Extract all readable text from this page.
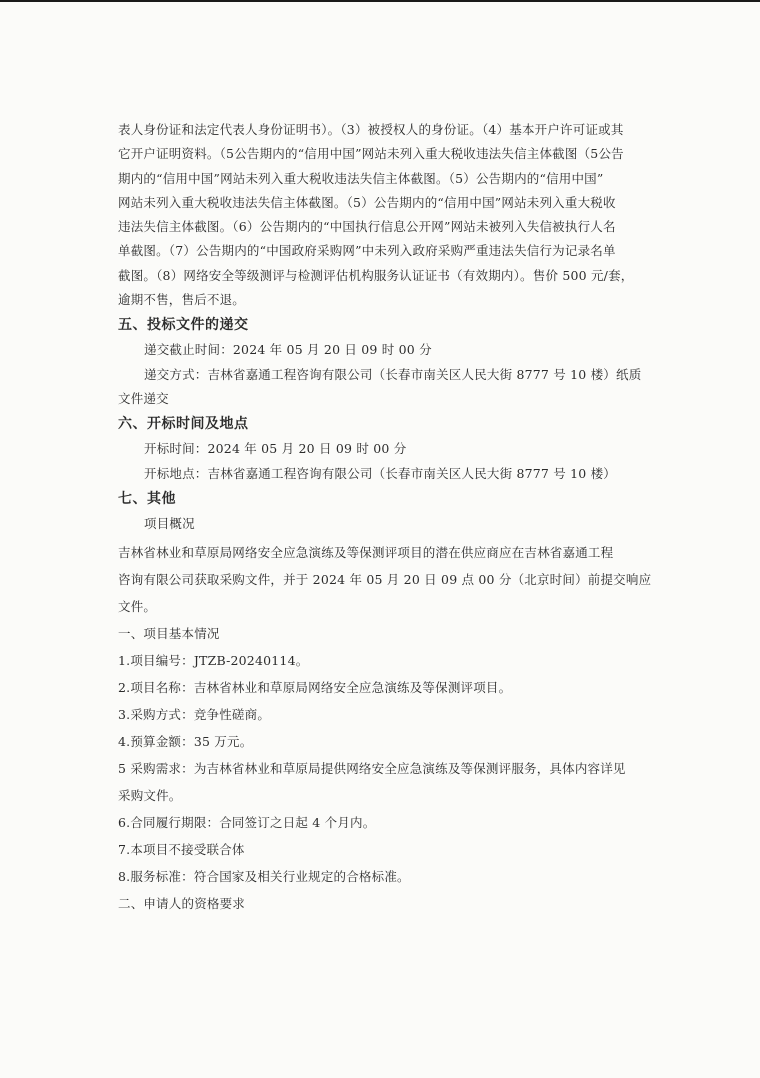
表人身份证和法定代表人身份证明书）。（3）被授权人的身份证。（4）基本开户许可证或其
它开户证明资料。（5公告期内的“信用中国”网站未列入重大税收违法失信主体截图（5公告
期内的“信用中国”网站未列入重大税收违法失信主体截图。（5）公告期内的“信用中国”
网站未列入重大税收违法失信主体截图。（5）公告期内的“信用中国”网站未列入重大税收
违法失信主体截图。（6）公告期内的“中国执行信息公开网”网站未被列入失信被执行人名
单截图。（7）公告期内的“中国政府采购网”中未列入政府采购严重违法失信行为记录名单
截图。（8）网络安全等级测评与检测评估机构服务认证证书（有效期内）。售价 500 元/套，
逾期不售，售后不退。
五、投标文件的递交
递交截止时间：2024 年 05 月 20 日 09 时 00 分
递交方式：吉林省嘉通工程咨询有限公司（长春市南关区人民大街 8777 号 10 楼）纸质
文件递交
六、开标时间及地点
开标时间：2024 年 05 月 20 日 09 时 00 分
开标地点：吉林省嘉通工程咨询有限公司（长春市南关区人民大街 8777 号 10 楼）
七、其他
项目概况
吉林省林业和草原局网络安全应急演练及等保测评项目的潜在供应商应在吉林省嘉通工程
咨询有限公司获取采购文件，并于 2024 年 05 月 20 日 09 点 00 分（北京时间）前提交响应
文件。
一、项目基本情况
1.项目编号：JTZB-20240114。
2.项目名称：吉林省林业和草原局网络安全应急演练及等保测评项目。
3.采购方式：竞争性磋商。
4.预算金额：35 万元。
5 采购需求：为吉林省林业和草原局提供网络安全应急演练及等保测评服务，具体内容详见
采购文件。
6.合同履行期限：合同签订之日起 4 个月内。
7.本项目不接受联合体
8.服务标准：符合国家及相关行业规定的合格标准。
二、申请人的资格要求
